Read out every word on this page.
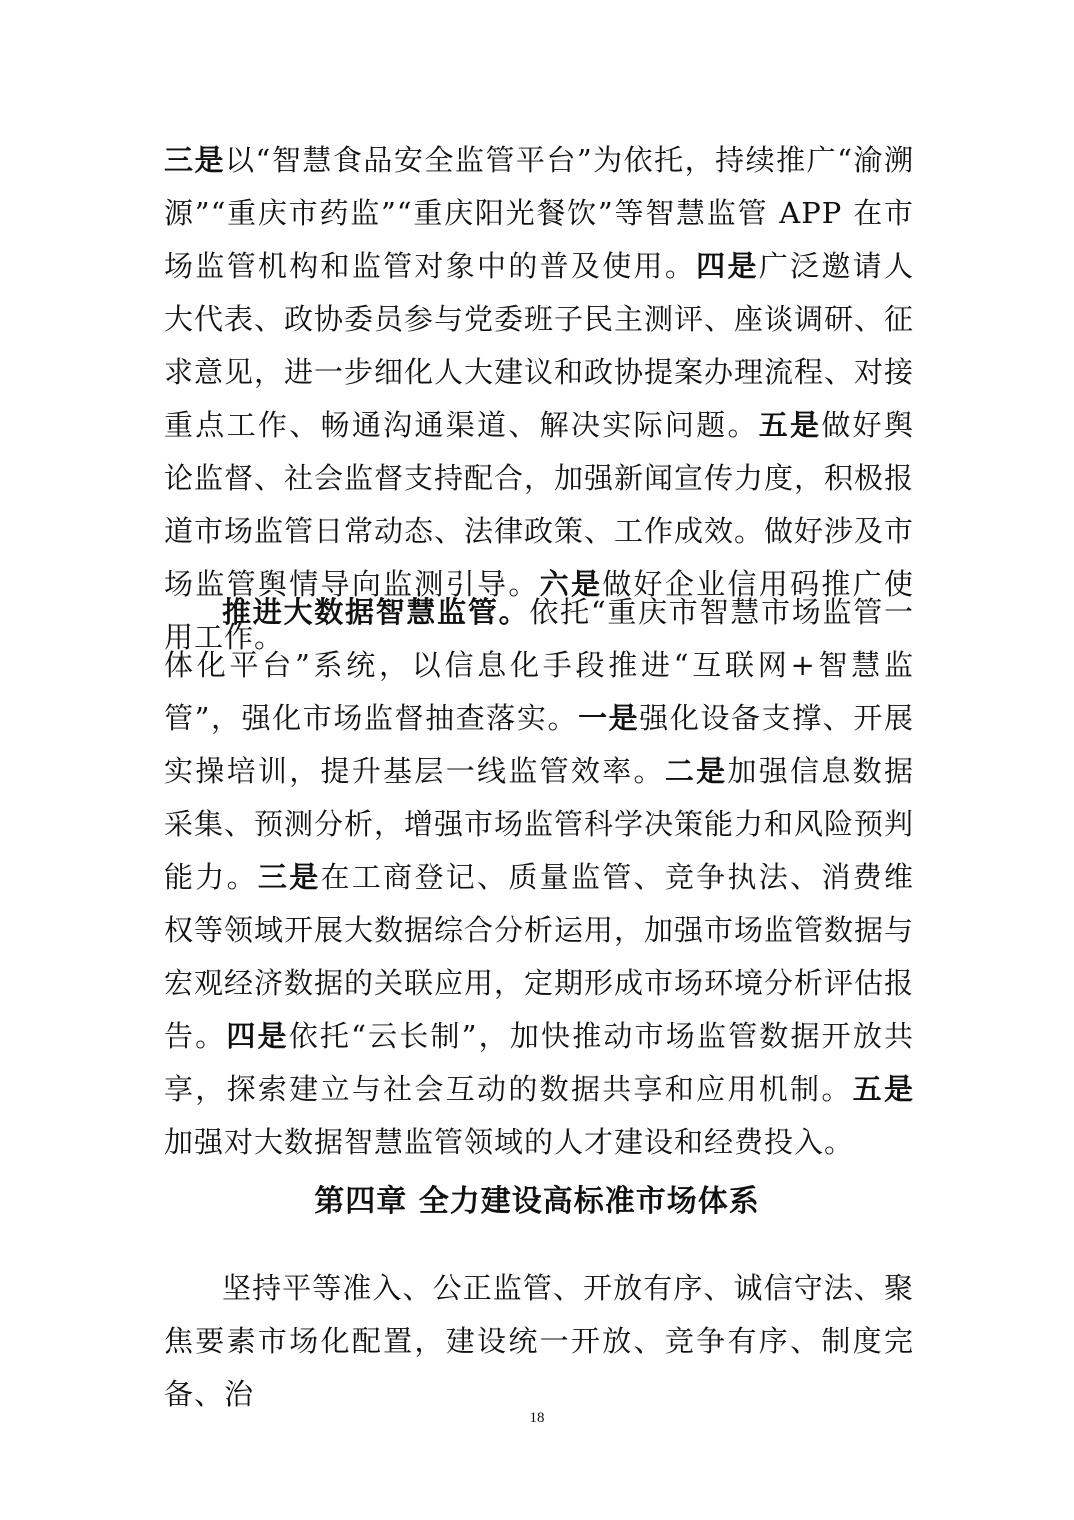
三是以“智慧食品安全监管平台”为依托，持续推广“渝溯源”“重庆市药监”“重庆阳光餐饮”等智慧监管 APP 在市场监管机构和监管对象中的普及使用。四是广泛邀请人大代表、政协委员参与党委班子民主测评、座谈调研、征求意见，进一步细化人大建议和政协提案办理流程、对接重点工作、畅通沟通渠道、解决实际问题。五是做好舆论监督、社会监督支持配合，加强新闻宣传力度，积极报道市场监管日常动态、法律政策、工作成效。做好涉及市场监管舆情导向监测引导。六是做好企业信用码推广使用工作。

推进大数据智慧监管。依托“重庆市智慧市场监管一体化平台”系统，以信息化手段推进“互联网+智慧监管”，强化市场监督抽查落实。一是强化设备支撑、开展实操培训，提升基层一线监管效率。二是加强信息数据采集、预测分析，增强市场监管科学决策能力和风险预判能力。三是在工商登记、质量监管、竞争执法、消费维权等领域开展大数据综合分析运用，加强市场监管数据与宏观经济数据的关联应用，定期形成市场环境分析评估报告。四是依托“云长制”，加快推动市场监管数据开放共享，探索建立与社会互动的数据共享和应用机制。五是加强对大数据智慧监管领域的人才建设和经费投入。

第四章 全力建设高标准市场体系

坚持平等准入、公正监管、开放有序、诚信守法、聚焦要素市场化配置，建设统一开放、竞争有序、制度完备、治

18
